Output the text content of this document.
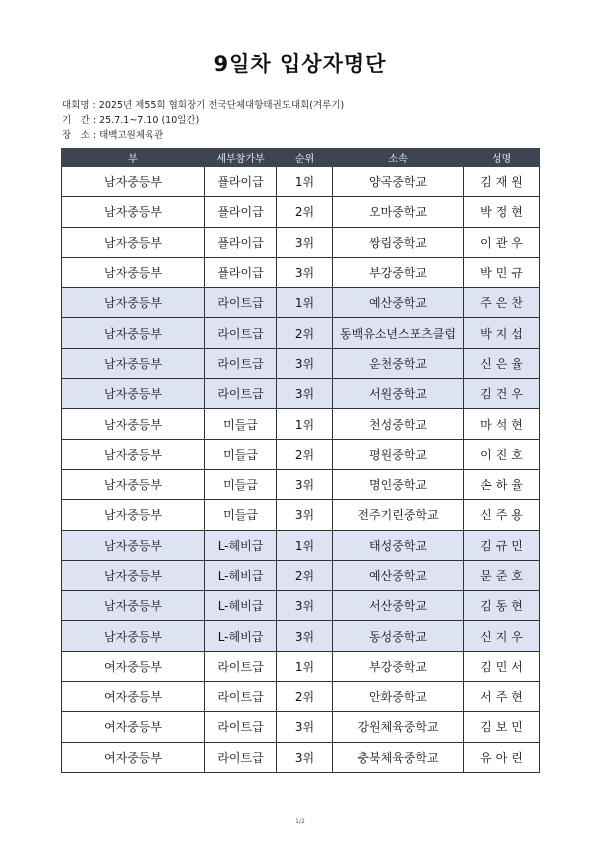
9일차 입상자명단
대회명 : 2025년 제55회 협회장기 전국단체대항태권도대회(겨루기)
기　간 : 25.7.1~7.10 (10일간)
장　소 : 태백고원체육관
부	세부참가부	순위	소속	성명
남자중등부	플라이급	1위	양곡중학교	김재원
남자중등부	플라이급	2위	오마중학교	박정현
남자중등부	플라이급	3위	쌍림중학교	이관우
남자중등부	플라이급	3위	부강중학교	박민규
남자중등부	라이트급	1위	예산중학교	주은찬
남자중등부	라이트급	2위	동백유소년스포츠클럽	박지섭
남자중등부	라이트급	3위	운천중학교	신은율
남자중등부	라이트급	3위	서원중학교	김건우
남자중등부	미들급	1위	천성중학교	마석현
남자중등부	미들급	2위	평원중학교	이진호
남자중등부	미들급	3위	명인중학교	손하율
남자중등부	미들급	3위	전주기린중학교	신주용
남자중등부	L-헤비급	1위	태성중학교	김규민
남자중등부	L-헤비급	2위	예산중학교	문준호
남자중등부	L-헤비급	3위	서산중학교	김동현
남자중등부	L-헤비급	3위	동성중학교	신지우
여자중등부	라이트급	1위	부강중학교	김민서
여자중등부	라이트급	2위	안화중학교	서주현
여자중등부	라이트급	3위	강원체육중학교	김보민
여자중등부	라이트급	3위	충북체육중학교	유아린
1/2
